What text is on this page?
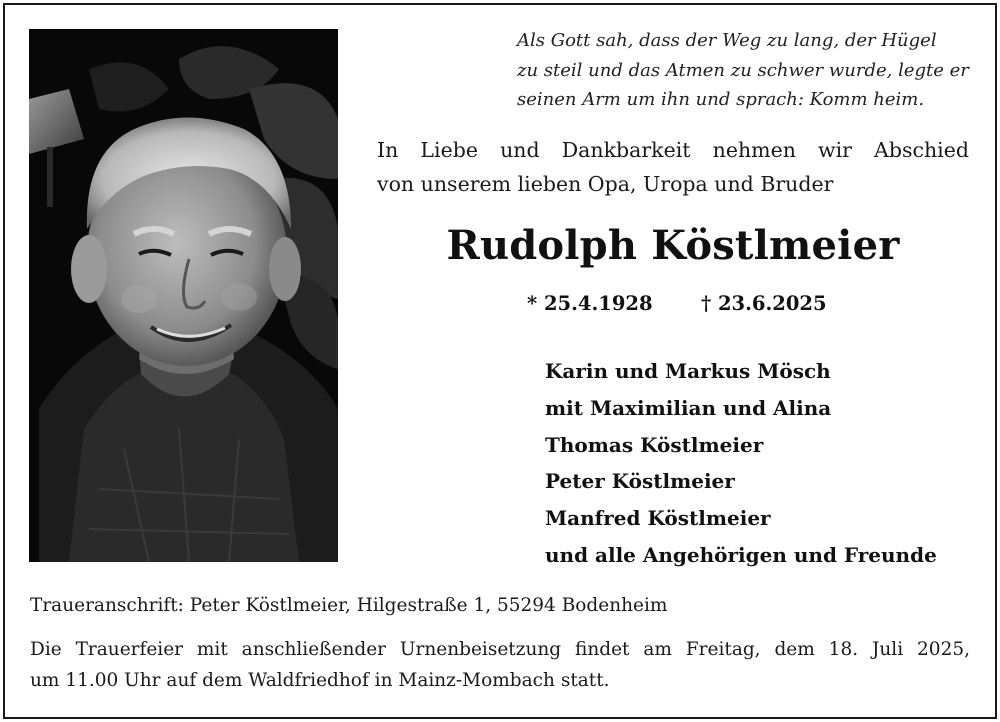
Als Gott sah, dass der Weg zu lang, der Hügel
zu steil und das Atmen zu schwer wurde, legte er
seinen Arm um ihn und sprach: Komm heim.
In Liebe und Dankbarkeit nehmen wir Abschied
von unserem lieben Opa, Uropa und Bruder
Rudolph Köstlmeier
* 25.4.1928 † 23.6.2025
Karin und Markus Mösch
mit Maximilian und Alina
Thomas Köstlmeier
Peter Köstlmeier
Manfred Köstlmeier
und alle Angehörigen und Freunde
Traueranschrift: Peter Köstlmeier, Hilgestraße 1, 55294 Bodenheim
Die Trauerfeier mit anschließender Urnenbeisetzung findet am Freitag, dem 18. Juli 2025,
um 11.00 Uhr auf dem Waldfriedhof in Mainz-Mombach statt.
